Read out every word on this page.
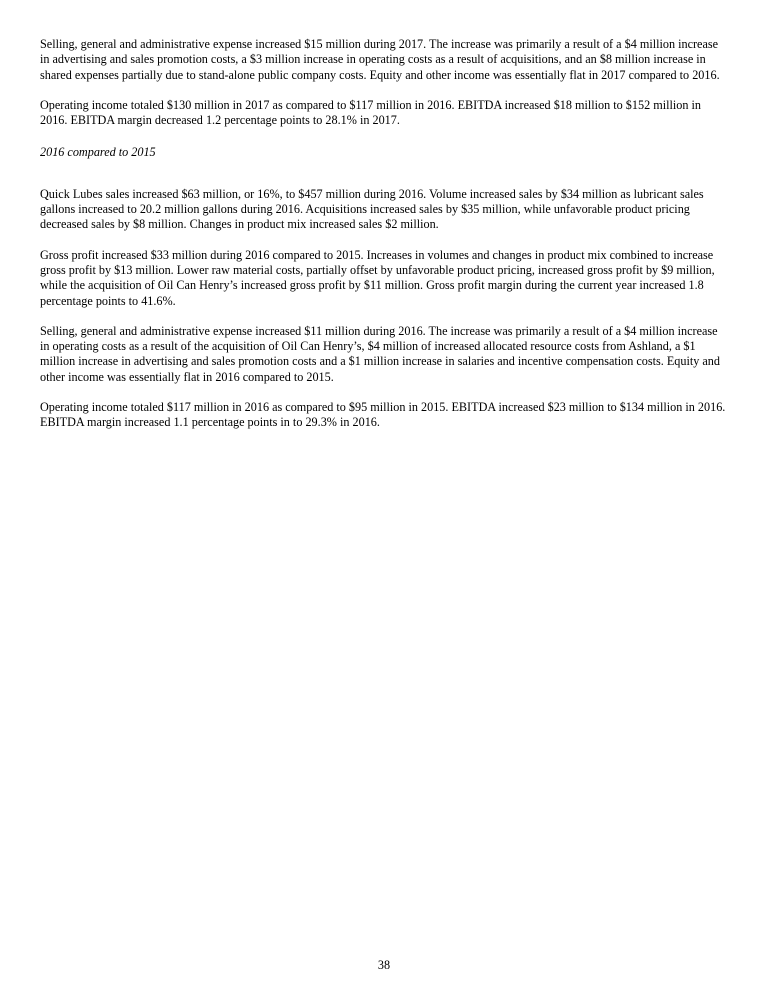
Selling, general and administrative expense increased $15 million during 2017. The increase was primarily a result of a $4 million increase in advertising and sales promotion costs, a $3 million increase in operating costs as a result of acquisitions, and an $8 million increase in shared expenses partially due to stand-alone public company costs. Equity and other income was essentially flat in 2017 compared to 2016.

Operating income totaled $130 million in 2017 as compared to $117 million in 2016. EBITDA increased $18 million to $152 million in 2016. EBITDA margin decreased 1.2 percentage points to 28.1% in 2017.

2016 compared to 2015

Quick Lubes sales increased $63 million, or 16%, to $457 million during 2016. Volume increased sales by $34 million as lubricant sales gallons increased to 20.2 million gallons during 2016. Acquisitions increased sales by $35 million, while unfavorable product pricing decreased sales by $8 million. Changes in product mix increased sales $2 million.

Gross profit increased $33 million during 2016 compared to 2015. Increases in volumes and changes in product mix combined to increase gross profit by $13 million. Lower raw material costs, partially offset by unfavorable product pricing, increased gross profit by $9 million, while the acquisition of Oil Can Henry’s increased gross profit by $11 million. Gross profit margin during the current year increased 1.8 percentage points to 41.6%.

Selling, general and administrative expense increased $11 million during 2016. The increase was primarily a result of a $4 million increase in operating costs as a result of the acquisition of Oil Can Henry’s, $4 million of increased allocated resource costs from Ashland, a $1 million increase in advertising and sales promotion costs and a $1 million increase in salaries and incentive compensation costs. Equity and other income was essentially flat in 2016 compared to 2015.

Operating income totaled $117 million in 2016 as compared to $95 million in 2015. EBITDA increased $23 million to $134 million in 2016. EBITDA margin increased 1.1 percentage points in to 29.3% in 2016.

38
